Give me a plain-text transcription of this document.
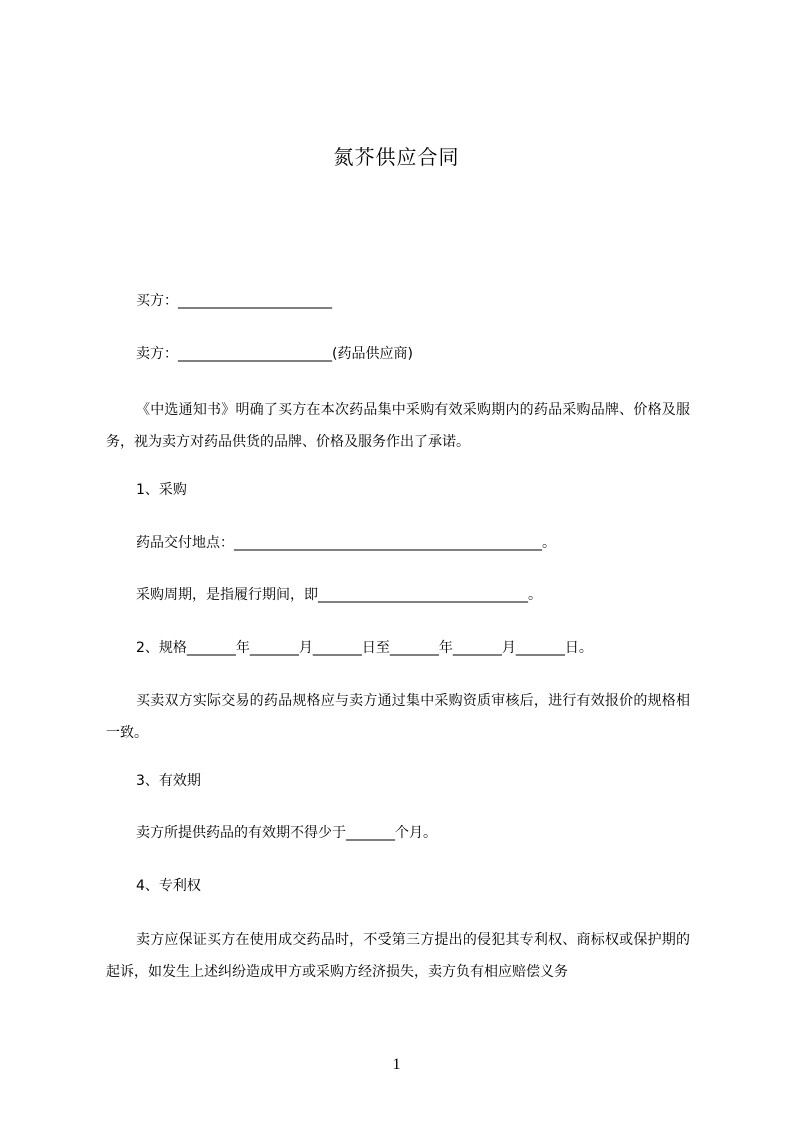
氮芥供应合同
买方：______________________
卖方：______________________(药品供应商)
《中选通知书》明确了买方在本次药品集中采购有效采购期内的药品采购品牌、价格及服务，视为卖方对药品供货的品牌、价格及服务作出了承诺。
1、采购
药品交付地点：____________________________________________。
采购周期，是指履行期间，即______________________________。
2、规格_______年_______月_______日至_______年_______月_______日。
买卖双方实际交易的药品规格应与卖方通过集中采购资质审核后，进行有效报价的规格相一致。
3、有效期
卖方所提供药品的有效期不得少于_______个月。
4、专利权
卖方应保证买方在使用成交药品时，不受第三方提出的侵犯其专利权、商标权或保护期的起诉，如发生上述纠纷造成甲方或采购方经济损失，卖方负有相应赔偿义务
1
